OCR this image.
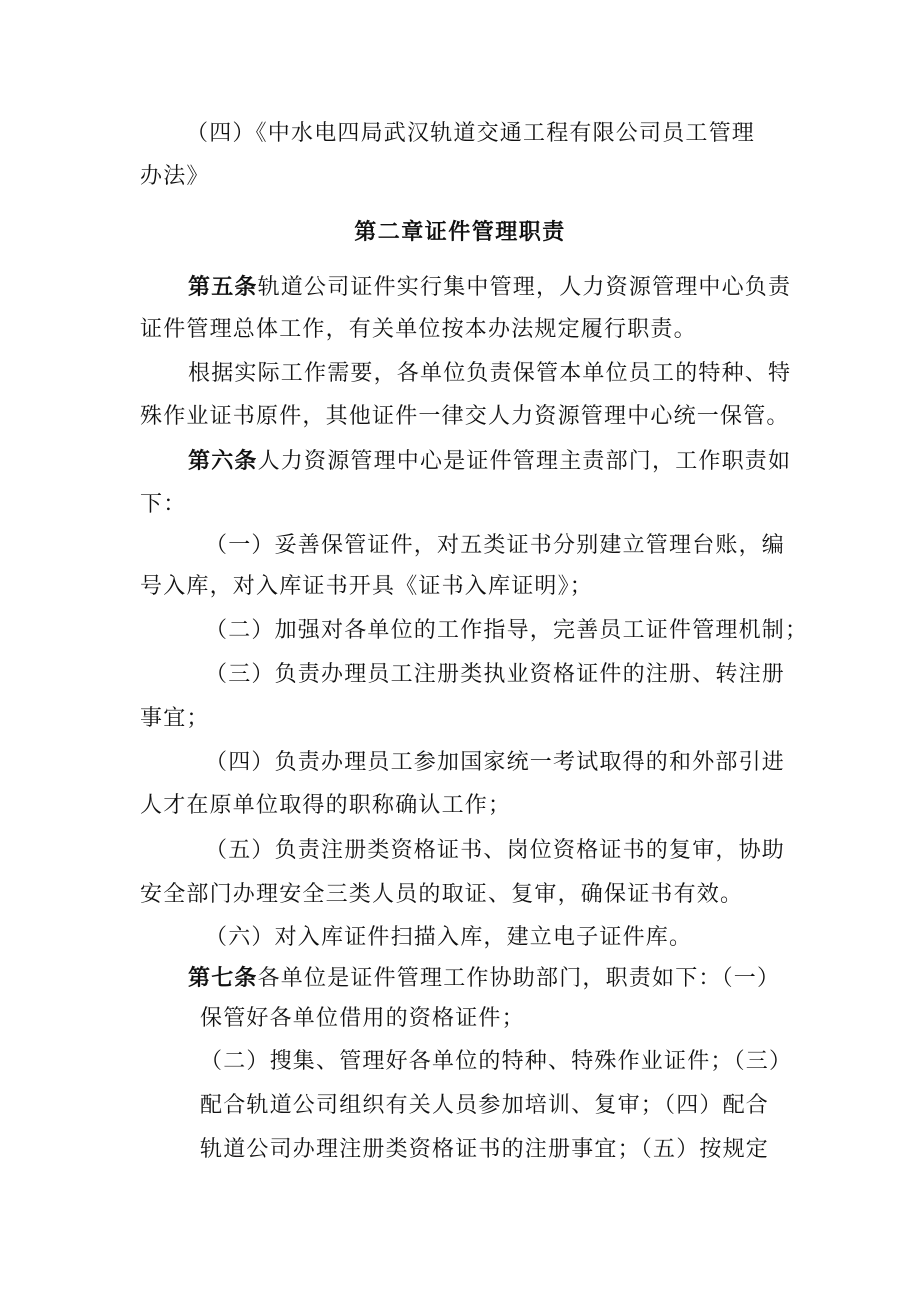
（四）《中水电四局武汉轨道交通工程有限公司员工管理
办法》
第二章证件管理职责
第五条轨道公司证件实行集中管理，人力资源管理中心负责
证件管理总体工作，有关单位按本办法规定履行职责。
根据实际工作需要，各单位负责保管本单位员工的特种、特
殊作业证书原件，其他证件一律交人力资源管理中心统一保管。
第六条人力资源管理中心是证件管理主责部门，工作职责如
下：
（一）妥善保管证件，对五类证书分别建立管理台账，编
号入库，对入库证书开具《证书入库证明》；
（二）加强对各单位的工作指导，完善员工证件管理机制；
（三）负责办理员工注册类执业资格证件的注册、转注册
事宜；
（四）负责办理员工参加国家统一考试取得的和外部引进
人才在原单位取得的职称确认工作；
（五）负责注册类资格证书、岗位资格证书的复审，协助
安全部门办理安全三类人员的取证、复审，确保证书有效。
（六）对入库证件扫描入库，建立电子证件库。
第七条各单位是证件管理工作协助部门，职责如下：（一）
保管好各单位借用的资格证件；
（二）搜集、管理好各单位的特种、特殊作业证件；（三）
配合轨道公司组织有关人员参加培训、复审；（四）配合
轨道公司办理注册类资格证书的注册事宜；（五）按规定
